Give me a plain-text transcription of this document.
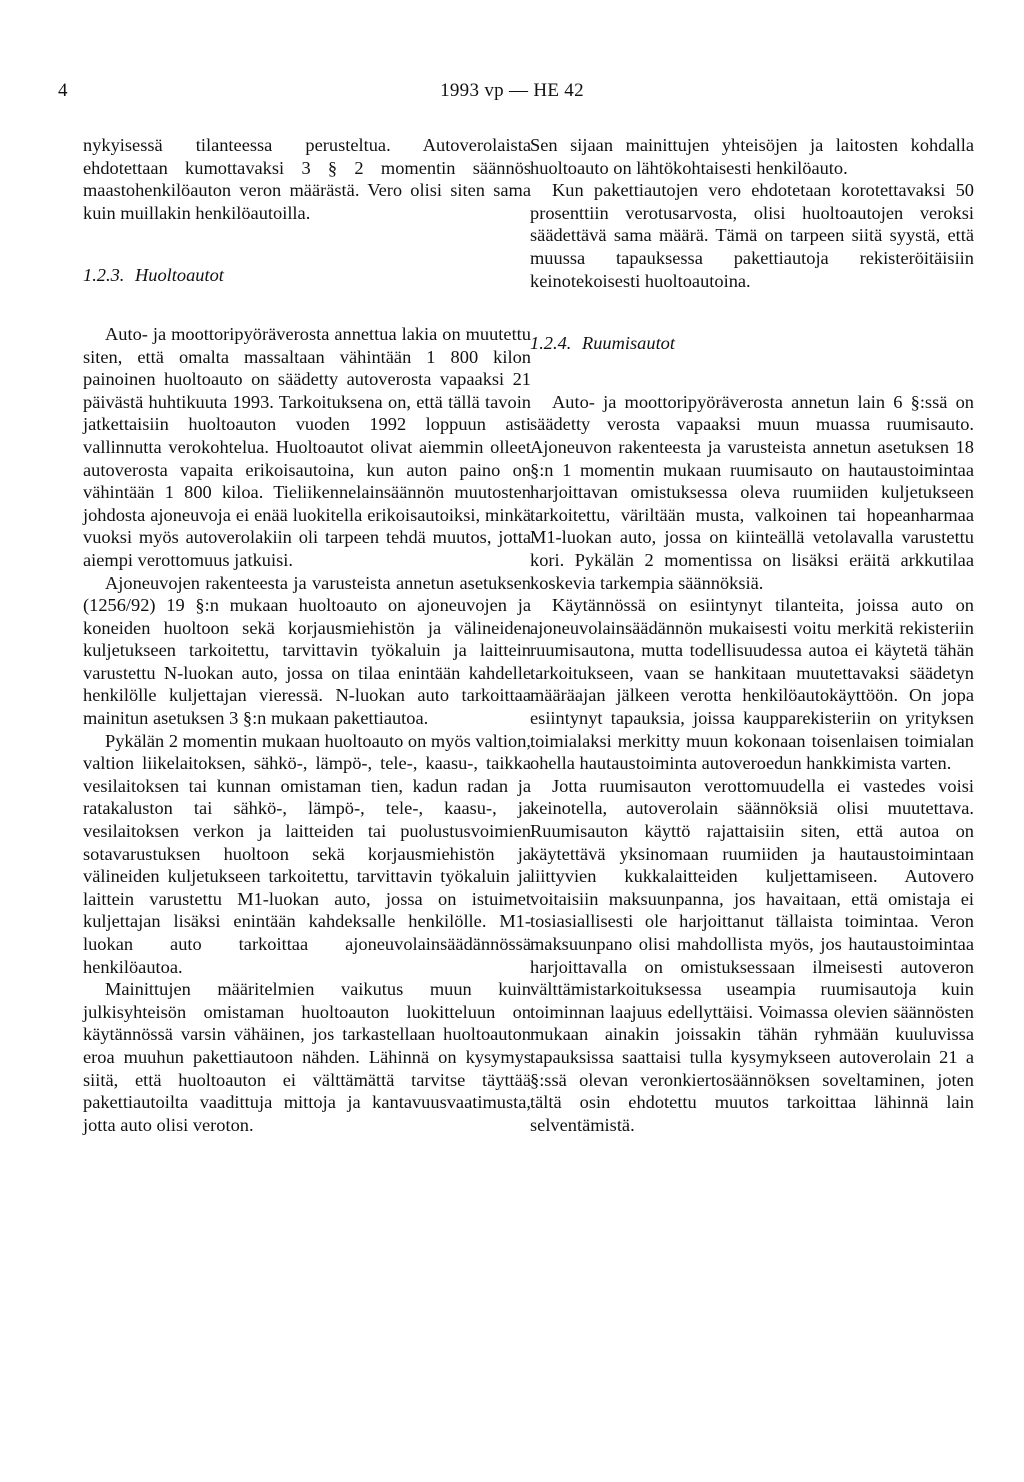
4	1993 vp — HE 42

nykyisessä tilanteessa perusteltua. Autoverolaista ehdotettaan kumottavaksi 3 § 2 momentin säännös maastohenkilöauton veron määrästä. Vero olisi siten sama kuin muillakin henkilöautoilla.

1.2.3. Huoltoautot

Auto- ja moottoripyöräverosta annettua lakia on muutettu siten, että omalta massaltaan vähintään 1 800 kilon painoinen huoltoauto on säädetty autoverosta vapaaksi 21 päivästä huhtikuuta 1993. Tarkoituksena on, että tällä tavoin jatkettaisiin huoltoauton vuoden 1992 loppuun asti vallinnutta verokohtelua. Huoltoautot olivat aiemmin olleet autoverosta vapaita erikoisautoina, kun auton paino on vähintään 1 800 kiloa. Tieliikennelainsäännön muutosten johdosta ajoneuvoja ei enää luokitella erikoisautoiksi, minkä vuoksi myös autoverolakiin oli tarpeen tehdä muutos, jotta aiempi verottomuus jatkuisi.

Ajoneuvojen rakenteesta ja varusteista annetun asetuksen (1256/92) 19 §:n mukaan huoltoauto on ajoneuvojen ja koneiden huoltoon sekä korjausmiehistön ja välineiden kuljetukseen tarkoitettu, tarvittavin työkaluin ja laittein varustettu N-luokan auto, jossa on tilaa enintään kahdelle henkilölle kuljettajan vieressä. N-luokan auto tarkoittaa mainitun asetuksen 3 §:n mukaan pakettiautoa.

Pykälän 2 momentin mukaan huoltoauto on myös valtion, valtion liikelaitoksen, sähkö-, lämpö-, tele-, kaasu-, taikka vesilaitoksen tai kunnan omistaman tien, kadun radan ja ratakaluston tai sähkö-, lämpö-, tele-, kaasu-, ja vesilaitoksen verkon ja laitteiden tai puolustusvoimien sotavarustuksen huoltoon sekä korjausmiehistön ja välineiden kuljetukseen tarkoitettu, tarvittavin työkaluin ja laittein varustettu M1-luokan auto, jossa on istuimet kuljettajan lisäksi enintään kahdeksalle henkilölle. M1-luokan auto tarkoittaa ajoneuvolainsäädännössä henkilöautoa.

Mainittujen määritelmien vaikutus muun kuin julkisyhteisön omistaman huoltoauton luokitteluun on käytännössä varsin vähäinen, jos tarkastellaan huoltoauton eroa muuhun pakettiautoon nähden. Lähinnä on kysymys siitä, että huoltoauton ei välttämättä tarvitse täyttää pakettiautoilta vaadittuja mittoja ja kantavuusvaatimusta, jotta auto olisi veroton.

Sen sijaan mainittujen yhteisöjen ja laitosten kohdalla huoltoauto on lähtökohtaisesti henkilöauto.

Kun pakettiautojen vero ehdotetaan korotettavaksi 50 prosenttiin verotusarvosta, olisi huoltoautojen veroksi säädettävä sama määrä. Tämä on tarpeen siitä syystä, että muussa tapauksessa pakettiautoja rekisteröitäisiin keinotekoisesti huoltoautoina.

1.2.4. Ruumisautot

Auto- ja moottoripyöräverosta annetun lain 6 §:ssä on säädetty verosta vapaaksi muun muassa ruumisauto. Ajoneuvon rakenteesta ja varusteista annetun asetuksen 18 §:n 1 momentin mukaan ruumisauto on hautaustoimintaa harjoittavan omistuksessa oleva ruumiiden kuljetukseen tarkoitettu, väriltään musta, valkoinen tai hopeanharmaa M1-luokan auto, jossa on kiinteällä vetolavalla varustettu kori. Pykälän 2 momentissa on lisäksi eräitä arkkutilaa koskevia tarkempia säännöksiä.

Käytännössä on esiintynyt tilanteita, joissa auto on ajoneuvolainsäädännön mukaisesti voitu merkitä rekisteriin ruumisautona, mutta todellisuudessa autoa ei käytetä tähän tarkoitukseen, vaan se hankitaan muutettavaksi säädetyn määräajan jälkeen verotta henkilöautokäyttöön. On jopa esiintynyt tapauksia, joissa kaupparekisteriin on yrityksen toimialaksi merkitty muun kokonaan toisenlaisen toimialan ohella hautaustoiminta autoveroedun hankkimista varten.

Jotta ruumisauton verottomuudella ei vastedes voisi keinotella, autoverolain säännöksiä olisi muutettava. Ruumisauton käyttö rajattaisiin siten, että autoa on käytettävä yksinomaan ruumiiden ja hautaustoimintaan liittyvien kukkalaitteiden kuljettamiseen. Autovero voitaisiin maksuunpanna, jos havaitaan, että omistaja ei tosiasiallisesti ole harjoittanut tällaista toimintaa. Veron maksuunpano olisi mahdollista myös, jos hautaustoimintaa harjoittavalla on omistuksessaan ilmeisesti autoveron välttämistarkoituksessa useampia ruumisautoja kuin toiminnan laajuus edellyttäisi. Voimassa olevien säännösten mukaan ainakin joissakin tähän ryhmään kuuluvissa tapauksissa saattaisi tulla kysymykseen autoverolain 21 a §:ssä olevan veronkiertosäännöksen soveltaminen, joten tältä osin ehdotettu muutos tarkoittaa lähinnä lain selventämistä.
